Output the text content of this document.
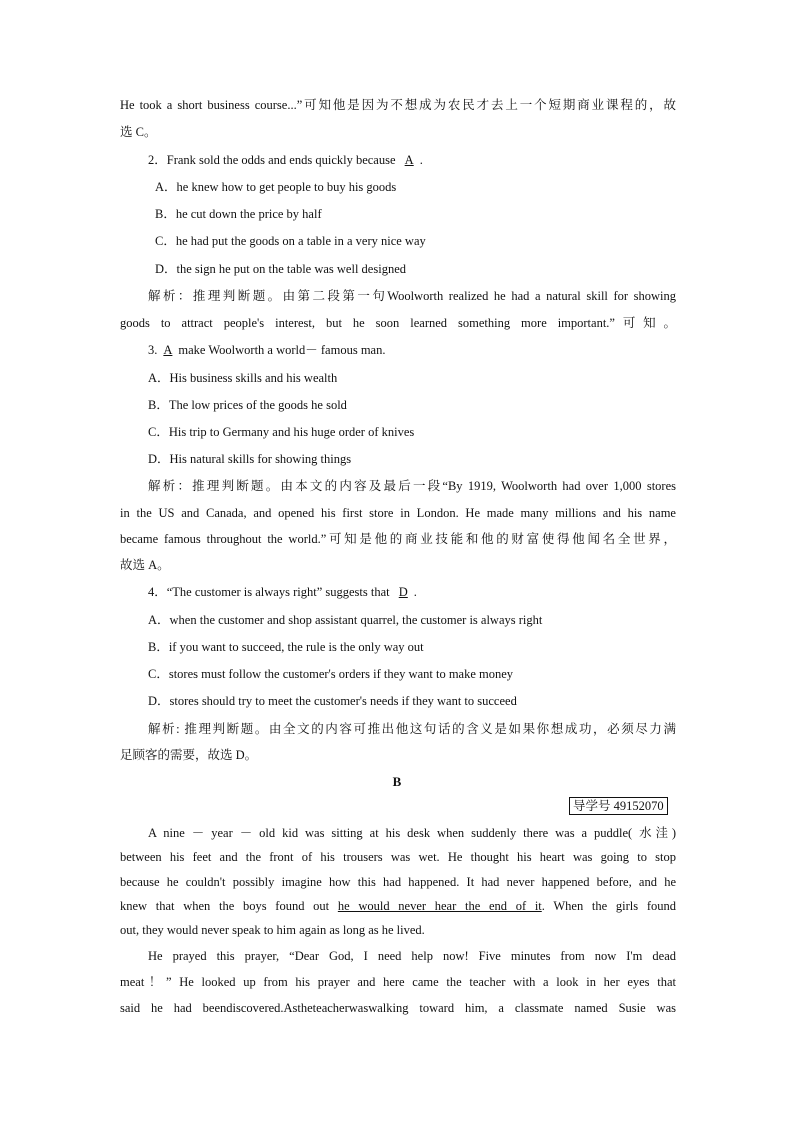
He took a short business course...”可知他是因为不想成为农民才去上一个短期商业课程的，故
选 C。
2．Frank sold the odds and ends quickly because A .
A．he knew how to get people to buy his goods
B．he cut down the price by half
C．he had put the goods on a table in a very nice way
D．the sign he put on the table was well designed
解析：推理判断题。由第二段第一句Woolworth realized he had a natural skill for showing
goods to attract people's interest, but he soon learned something more important.”可知。
3. A make Woolworth a world－ famous man.
A．His business skills and his wealth
B．The low prices of the goods he sold
C．His trip to Germany and his huge order of knives
D．His natural skills for showing things
解析：推理判断题。由本文的内容及最后一段“By 1919, Woolworth had over 1,000 stores
in the US and Canada, and opened his first store in London. He made many millions and his name
became famous throughout the world.”可知是他的商业技能和他的财富使得他闻名全世界，
故选 A。
4．“The customer is always right” suggests that D .
A．when the customer and shop assistant quarrel, the customer is always right
B．if you want to succeed, the rule is the only way out
C．stores must follow the customer's orders if they want to make money
D．stores should try to meet the customer's needs if they want to succeed
解析: 推理判断题。由全文的内容可推出他这句话的含义是如果你想成功，必须尽力满
足顾客的需要，故选 D。
B
导学号 49152070
A nine － year － old kid was sitting at his desk when suddenly there was a puddle( 水洼)
between his feet and the front of his trousers was wet. He thought his heart was going to stop
because he couldn't possibly imagine how this had happened. It had never happened before, and he
knew that when the boys found out he would never hear the end of it. When the girls found
out, they would never speak to him again as long as he lived.
He prayed this prayer, “Dear God, I need help now! Five minutes from now I'm dead
meat！” He looked up from his prayer and here came the teacher with a look in her eyes that
said he had beendiscovered.Astheteacherwaswalking toward him, a classmate named Susie was
